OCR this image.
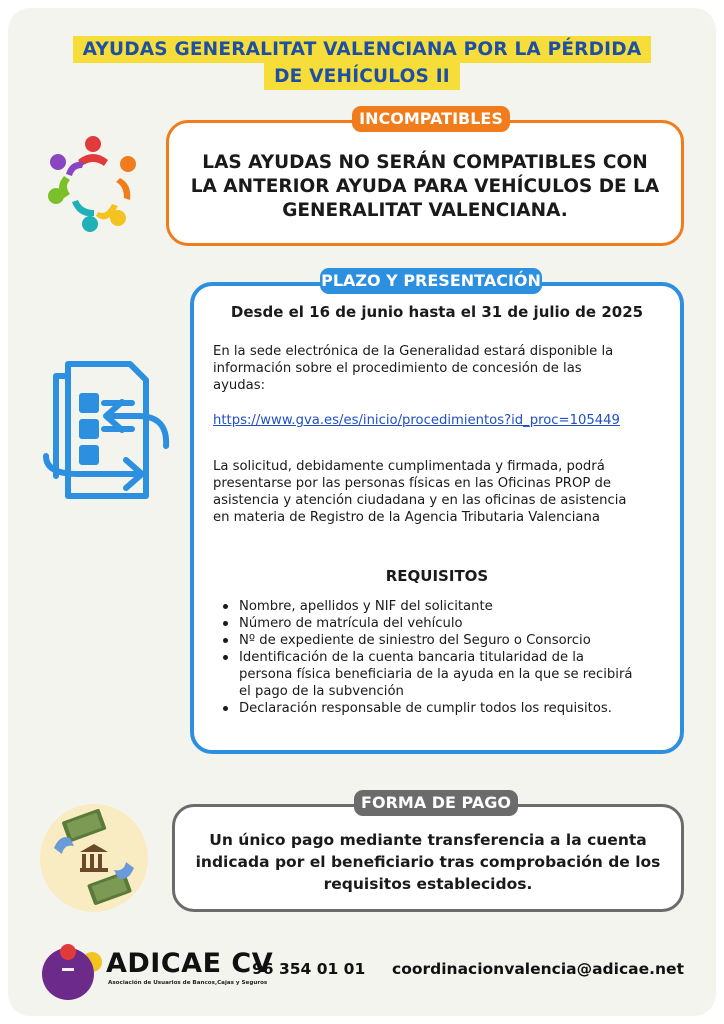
AYUDAS GENERALITAT VALENCIANA POR LA PÉRDIDA
DE VEHÍCULOS II
INCOMPATIBLES
LAS AYUDAS NO SERÁN COMPATIBLES CON
LA ANTERIOR AYUDA PARA VEHÍCULOS DE LA
GENERALITAT VALENCIANA.
PLAZO Y PRESENTACIÓN
Desde el 16 de junio hasta el 31 de julio de 2025
En la sede electrónica de la Generalidad estará disponible la
información sobre el procedimiento de concesión de las
ayudas:
https://www.gva.es/es/inicio/procedimientos?id_proc=105449
La solicitud, debidamente cumplimentada y firmada, podrá
presentarse por las personas físicas en las Oficinas PROP de
asistencia y atención ciudadana y en las oficinas de asistencia
en materia de Registro de la Agencia Tributaria Valenciana
REQUISITOS
Nombre, apellidos y NIF del solicitante
Número de matrícula del vehículo
Nº de expediente de siniestro del Seguro o Consorcio
Identificación de la cuenta bancaria titularidad de la
persona física beneficiaria de la ayuda en la que se recibirá
el pago de la subvención
Declaración responsable de cumplir todos los requisitos.
FORMA DE PAGO
Un único pago mediante transferencia a la cuenta
indicada por el beneficiario tras comprobación de los
requisitos establecidos.
ADICAE CV
Asociación de Usuarios de Bancos,Cajas y Seguros
96 354 01 01 coordinacionvalencia@adicae.net
